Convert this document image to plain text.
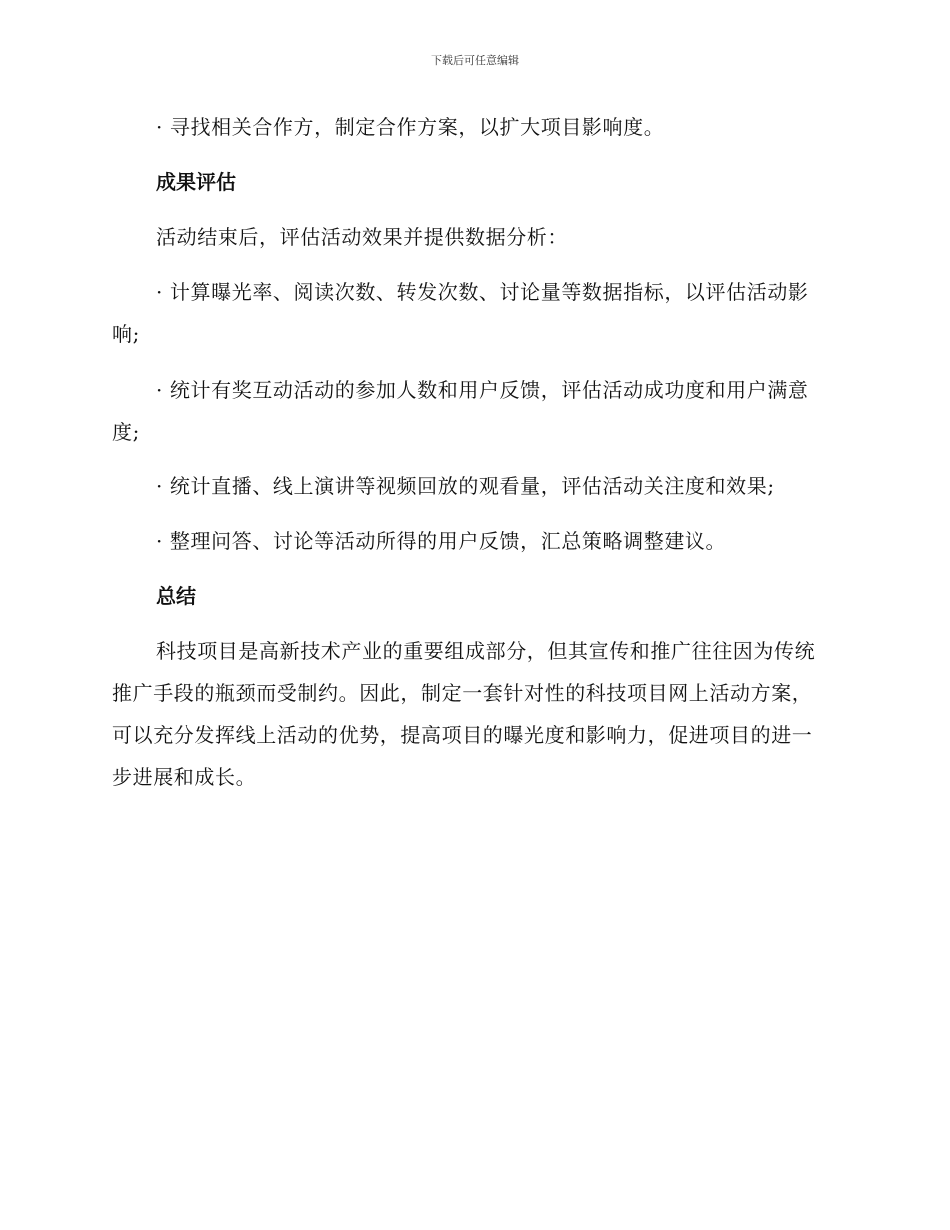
下载后可任意编辑

· 寻找相关合作方，制定合作方案，以扩大项目影响度。

成果评估

活动结束后，评估活动效果并提供数据分析：

· 计算曝光率、阅读次数、转发次数、讨论量等数据指标，以评估活动影响;

· 统计有奖互动活动的参加人数和用户反馈，评估活动成功度和用户满意度;

· 统计直播、线上演讲等视频回放的观看量，评估活动关注度和效果;

· 整理问答、讨论等活动所得的用户反馈，汇总策略调整建议。

总结

科技项目是高新技术产业的重要组成部分，但其宣传和推广往往因为传统推广手段的瓶颈而受制约。因此，制定一套针对性的科技项目网上活动方案，可以充分发挥线上活动的优势，提高项目的曝光度和影响力，促进项目的进一步进展和成长。
